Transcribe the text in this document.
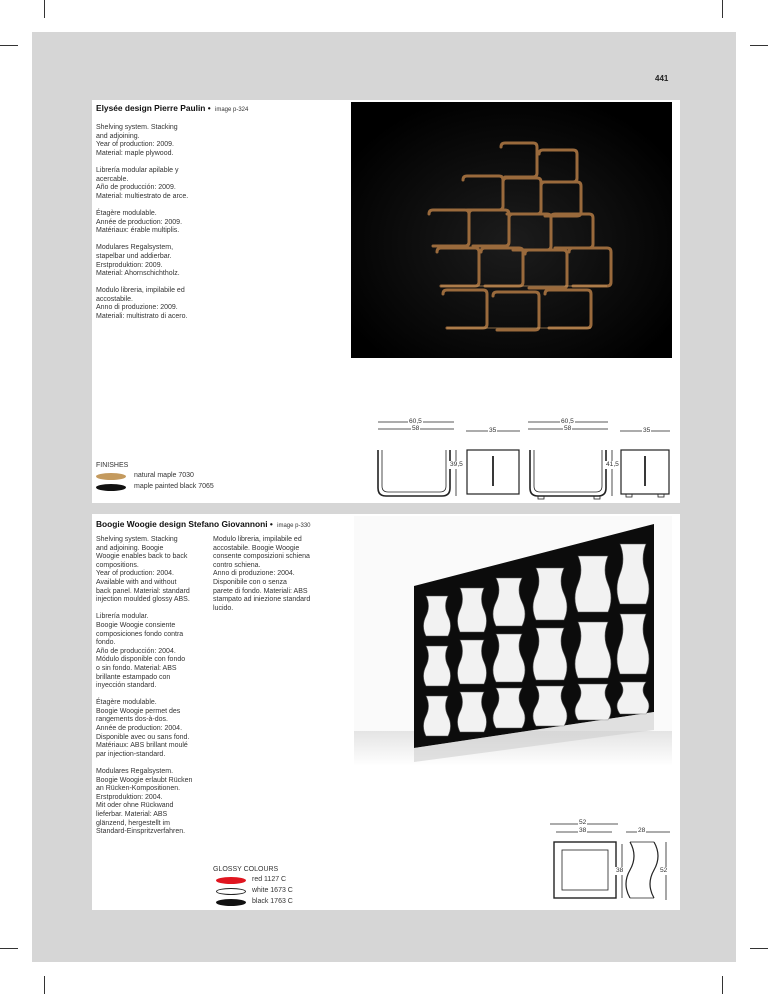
441
Elysée design Pierre Paulin • image p-324

Shelving system. Stacking
and adjoining.
Year of production: 2009.
Material: maple plywood.

Librería modular apilable y
acercable.
Año de producción: 2009.
Material: multiestrato de arce.

Étagère modulable.
Année de production: 2009.
Matériaux: érable multiplis.

Modulares Regalsystem,
stapelbar und addierbar.
Erstproduktion: 2009.
Material: Ahornschichtholz.

Modulo libreria, impilabile ed
accostabile.
Anno di produzione: 2009.
Materiali: multistrato di acero.

60,5
58	35
60,5
58	35
39,5	41,5
FINISHES
natural maple 7030
maple painted black 7065
Boogie Woogie design Stefano Giovannoni • image p-330

Shelving system. Stacking
and adjoining. Boogie
Woogie enables back to back
compositions.
Year of production: 2004.
Available with and without
back panel. Material: standard
injection moulded glossy ABS.

Librería modular.
Boogie Woogie consiente
composiciones fondo contra
fondo.
Año de producción: 2004.
Módulo disponible con fondo
o sin fondo. Material: ABS
brillante estampado con
inyección standard.

Étagère modulable.
Boogie Woogie permet des
rangements dos-à-dos.
Année de production: 2004.
Disponible avec ou sans fond.
Matériaux: ABS brillant moulé
par injection-standard.

Modulares Regalsystem.
Boogie Woogie erlaubt Rücken
an Rücken-Kompositionen.
Erstproduktion: 2004.
Mit oder ohne Rückwand
lieferbar. Material: ABS
glänzend, hergestellt im
Standard-Einspritzverfahren.

Modulo libreria, impilabile ed
accostabile. Boogie Woogie
consente composizioni schiena
contro schiena.
Anno di produzione: 2004.
Disponibile con o senza
parete di fondo. Materiali: ABS
stampato ad iniezione standard
lucido.

52
38	28
38	52
GLOSSY COLOURS
red 1127 C
white 1673 C
black 1763 C
